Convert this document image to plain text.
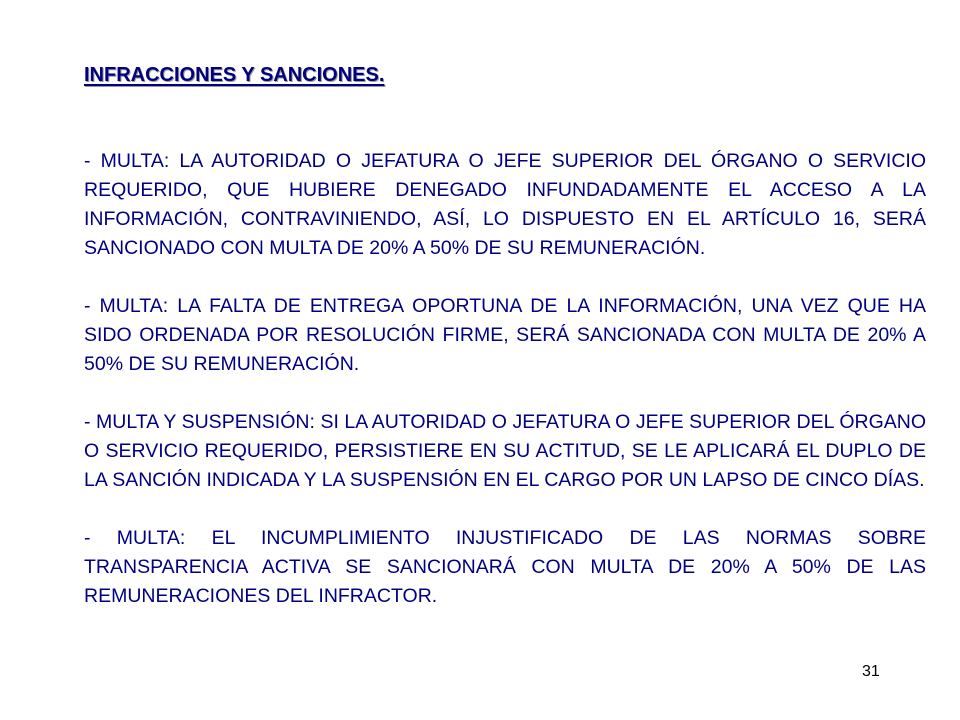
INFRACCIONES Y SANCIONES.

- MULTA: LA AUTORIDAD O JEFATURA O JEFE SUPERIOR DEL ÓRGANO O SERVICIO REQUERIDO, QUE HUBIERE DENEGADO INFUNDADAMENTE EL ACCESO A LA INFORMACIÓN, CONTRAVINIENDO, ASÍ, LO DISPUESTO EN EL ARTÍCULO 16, SERÁ SANCIONADO CON MULTA DE 20% A 50% DE SU REMUNERACIÓN.

- MULTA: LA FALTA DE ENTREGA OPORTUNA DE LA INFORMACIÓN, UNA VEZ QUE HA SIDO ORDENADA POR RESOLUCIÓN FIRME, SERÁ SANCIONADA CON MULTA DE 20% A 50% DE SU REMUNERACIÓN.

- MULTA Y SUSPENSIÓN: SI LA AUTORIDAD O JEFATURA O JEFE SUPERIOR DEL ÓRGANO O SERVICIO REQUERIDO, PERSISTIERE EN SU ACTITUD, SE LE APLICARÁ EL DUPLO DE LA SANCIÓN INDICADA Y LA SUSPENSIÓN EN EL CARGO POR UN LAPSO DE CINCO DÍAS.

- MULTA: EL INCUMPLIMIENTO INJUSTIFICADO DE LAS NORMAS SOBRE TRANSPARENCIA ACTIVA SE SANCIONARÁ CON MULTA DE 20% A 50% DE LAS REMUNERACIONES DEL INFRACTOR.

31
